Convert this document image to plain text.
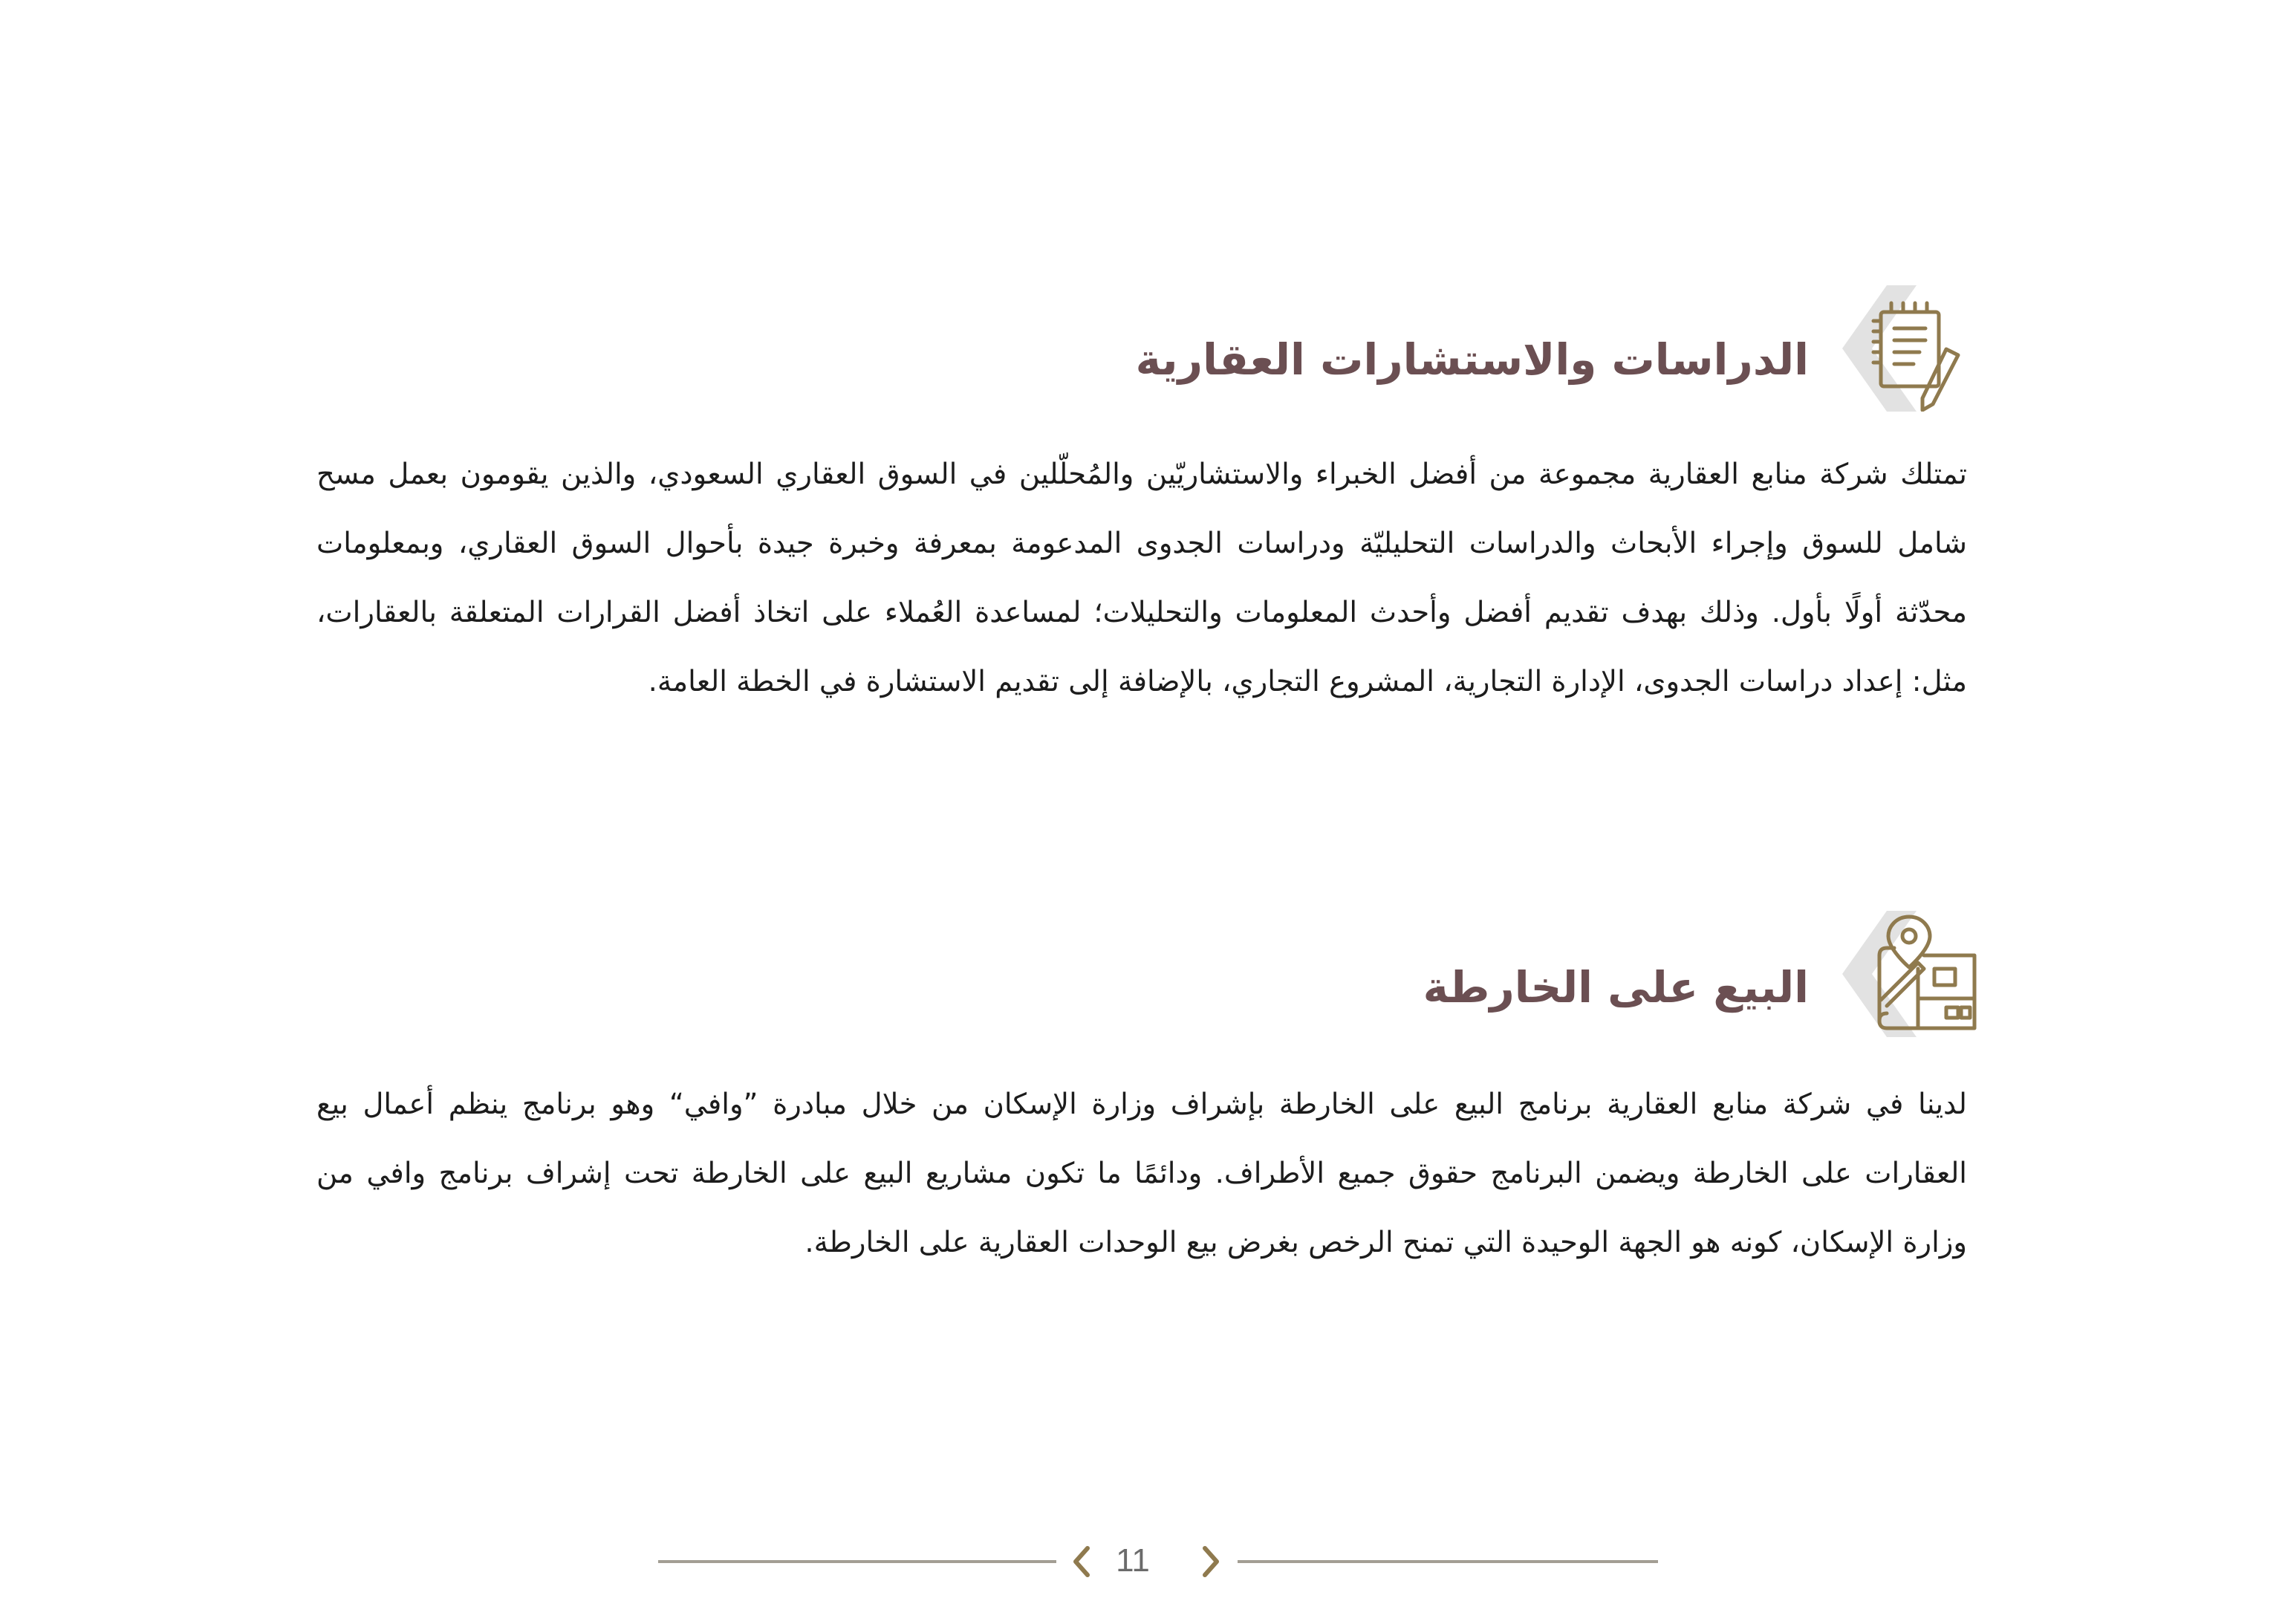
الدراسات والاستشارات العقارية
تمتلك شركة منابع العقارية مجموعة من أفضل الخبراء والاستشاريّين والمُحلّلين في السوق العقاري السعودي، والذين يقومون بعمل مسح شامل للسوق وإجراء الأبحاث والدراسات التحليليّة ودراسات الجدوى المدعومة بمعرفة وخبرة جيدة بأحوال السوق العقاري، وبمعلومات محدّثة أولًا بأول. وذلك بهدف تقديم أفضل وأحدث المعلومات والتحليلات؛ لمساعدة العُملاء على اتخاذ أفضل القرارات المتعلقة بالعقارات، مثل: إعداد دراسات الجدوى، الإدارة التجارية، المشروع التجاري، بالإضافة إلى تقديم الاستشارة في الخطة العامة.
البيع على الخارطة
لدينا في شركة منابع العقارية برنامج البيع على الخارطة بإشراف وزارة الإسكان من خلال مبادرة ”وافي“ وهو برنامج ينظم أعمال بيع العقارات على الخارطة ويضمن البرنامج حقوق جميع الأطراف. ودائمًا ما تكون مشاريع البيع على الخارطة تحت إشراف برنامج وافي من وزارة الإسكان، كونه هو الجهة الوحيدة التي تمنح الرخص بغرض بيع الوحدات العقارية على الخارطة.
11
